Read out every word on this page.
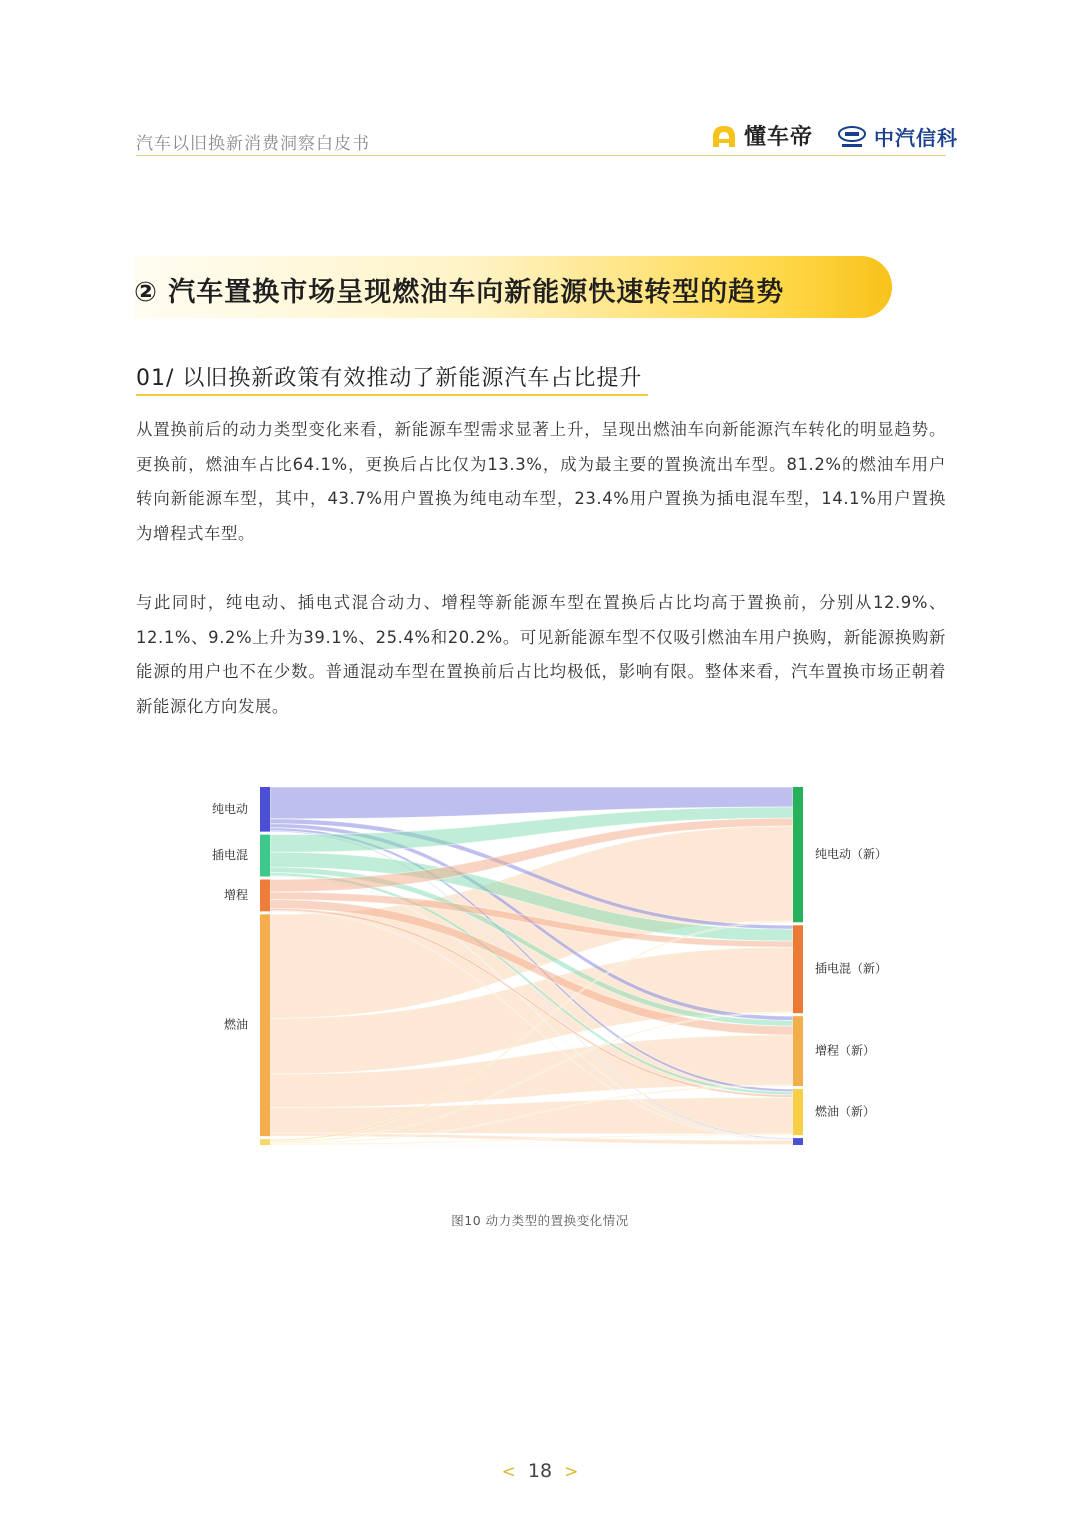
汽车以旧换新消费洞察白皮书	懂车帝	中汽信科
② 汽车置换市场呈现燃油车向新能源快速转型的趋势
01/ 以旧换新政策有效推动了新能源汽车占比提升

从置换前后的动力类型变化来看，新能源车型需求显著上升，呈现出燃油车向新能源汽车转化的明显趋势。更换前，燃油车占比64.1%，更换后占比仅为13.3%，成为最主要的置换流出车型。81.2%的燃油车用户转向新能源车型，其中，43.7%用户置换为纯电动车型，23.4%用户置换为插电混车型，14.1%用户置换为增程式车型。

与此同时，纯电动、插电式混合动力、增程等新能源车型在置换后占比均高于置换前，分别从12.9%、12.1%、9.2%上升为39.1%、25.4%和20.2%。可见新能源车型不仅吸引燃油车用户换购，新能源换购新能源的用户也不在少数。普通混动车型在置换前后占比均极低，影响有限。整体来看，汽车置换市场正朝着新能源化方向发展。

纯电动
插电混
增程
燃油
纯电动（新）
插电混（新）
增程（新）
燃油（新）
图10 动力类型的置换变化情况
< 18 >
